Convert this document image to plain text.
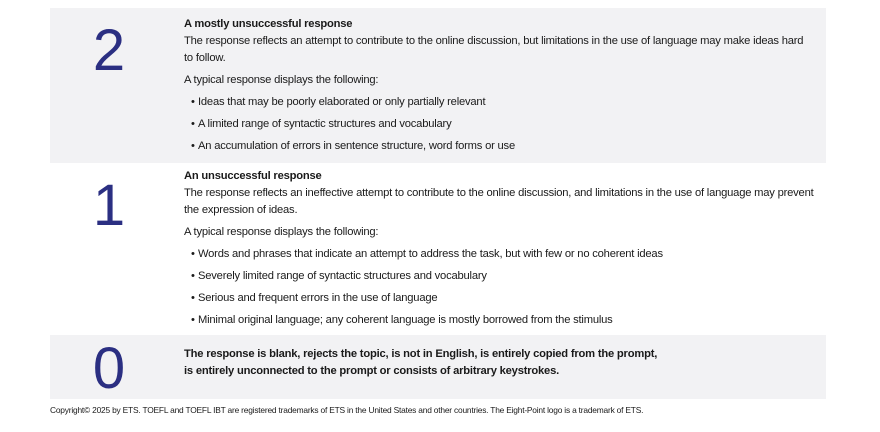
2	A mostly unsuccessful response

The response reflects an attempt to contribute to the online discussion, but limitations in the use of language may make ideas hard to follow.

A typical response displays the following:

• Ideas that may be poorly elaborated or only partially relevant
• A limited range of syntactic structures and vocabulary
• An accumulation of errors in sentence structure, word forms or use
1	An unsuccessful response

The response reflects an ineffective attempt to contribute to the online discussion, and limitations in the use of language may prevent the expression of ideas.

A typical response displays the following:

• Words and phrases that indicate an attempt to address the task, but with few or no coherent ideas
• Severely limited range of syntactic structures and vocabulary
• Serious and frequent errors in the use of language
• Minimal original language; any coherent language is mostly borrowed from the stimulus
0	The response is blank, rejects the topic, is not in English, is entirely copied from the prompt,
is entirely unconnected to the prompt or consists of arbitrary keystrokes.
Copyright© 2025 by ETS. TOEFL and TOEFL IBT are registered trademarks of ETS in the United States and other countries. The Eight-Point logo is a trademark of ETS.
